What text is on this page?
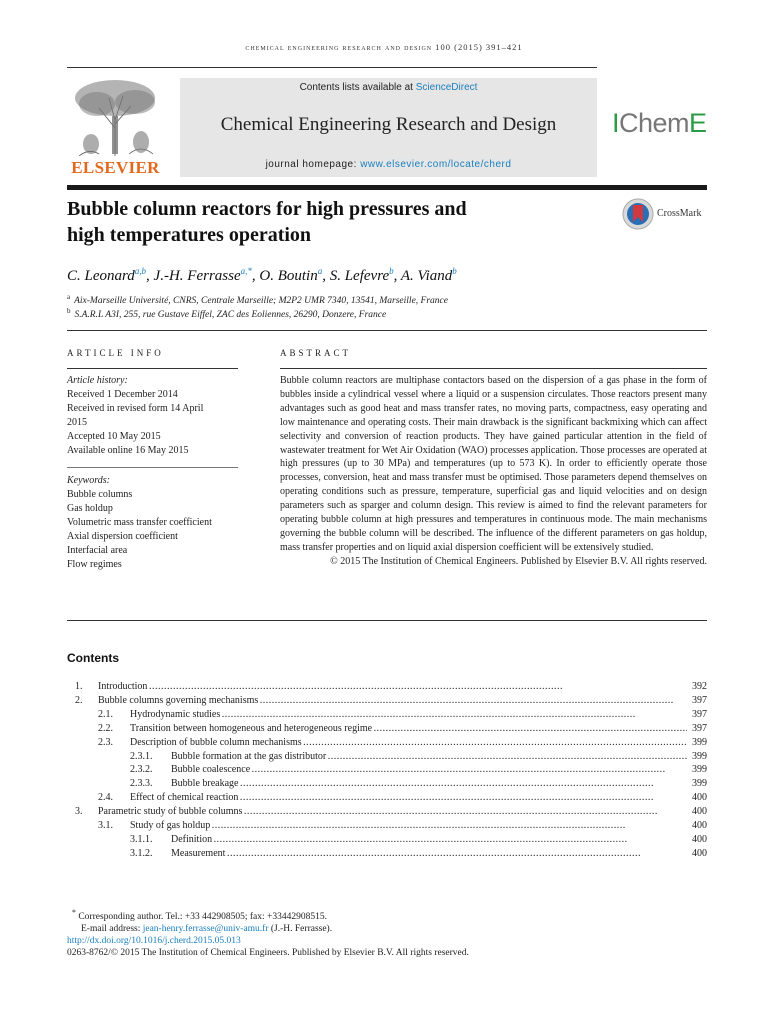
chemical engineering research and design 100 (2015) 391–421
ELSEVIER
Contents lists available at ScienceDirect
Chemical Engineering Research and Design
journal homepage: www.elsevier.com/locate/cherd
IChemE
Bubble column reactors for high pressures and
high temperatures operation
CrossMark
C. Leonard$^{a,b}$, J.-H. Ferrasse$^{a,*}$, O. Boutin$^a$, S. Lefevre$^b$, A. Viand$^b$
$^a$ Aix-Marseille Université, CNRS, Centrale Marseille; M2P2 UMR 7340, 13541, Marseille, France
$^b$ S.A.R.L A3I, 255, rue Gustave Eiffel, ZAC des Eoliennes, 26290, Donzere, France
ARTICLE INFO
Article history:
Received 1 December 2014
Received in revised form 14 April
2015
Accepted 10 May 2015
Available online 16 May 2015
Keywords:
Bubble columns
Gas holdup
Volumetric mass transfer coefficient
Axial dispersion coefficient
Interfacial area
Flow regimes
ABSTRACT
Bubble column reactors are multiphase contactors based on the dispersion of a gas phase in the form of bubbles inside a cylindrical vessel where a liquid or a suspension circulates. Those reactors present many advantages such as good heat and mass transfer rates, no moving parts, compactness, easy operating and low maintenance and operating costs. Their main drawback is the significant backmixing which can affect selectivity and conversion of reaction products. They have gained particular attention in the field of wastewater treatment for Wet Air Oxidation (WAO) processes application. Those processes are operated at high pressures (up to 30 MPa) and temperatures (up to 573 K). In order to efficiently operate those processes, conversion, heat and mass transfer must be optimised. Those parameters depend themselves on operating conditions such as pressure, temperature, superficial gas and liquid velocities and on design parameters such as sparger and column design. This review is aimed to find the relevant parameters for operating bubble column at high pressures and temperatures in continuous mode. The main mechanisms governing the bubble column will be described. The influence of the different parameters on gas holdup, mass transfer properties and on liquid axial dispersion coefficient will be extensively studied.
© 2015 The Institution of Chemical Engineers. Published by Elsevier B.V. All rights reserved.
Contents
1. Introduction . . .	392
2. Bubble columns governing mechanisms . . .	397
2.1. Hydrodynamic studies . . .	397
2.2. Transition between homogeneous and heterogeneous regime . . .	397
2.3. Description of bubble column mechanisms . . .	399
2.3.1. Bubble formation at the gas distributor . . .	399
2.3.2. Bubble coalescence . . .	399
2.3.3. Bubble breakage . . .	399
2.4. Effect of chemical reaction . . .	400
3. Parametric study of bubble columns . . .	400
3.1. Study of gas holdup . . .	400
3.1.1. Definition . . .	400
3.1.2. Measurement . . .	400
* Corresponding author. Tel.: +33 442908505; fax: +33442908515.
E-mail address: jean-henry.ferrasse@univ-amu.fr (J.-H. Ferrasse).
http://dx.doi.org/10.1016/j.cherd.2015.05.013
0263-8762/© 2015 The Institution of Chemical Engineers. Published by Elsevier B.V. All rights reserved.
